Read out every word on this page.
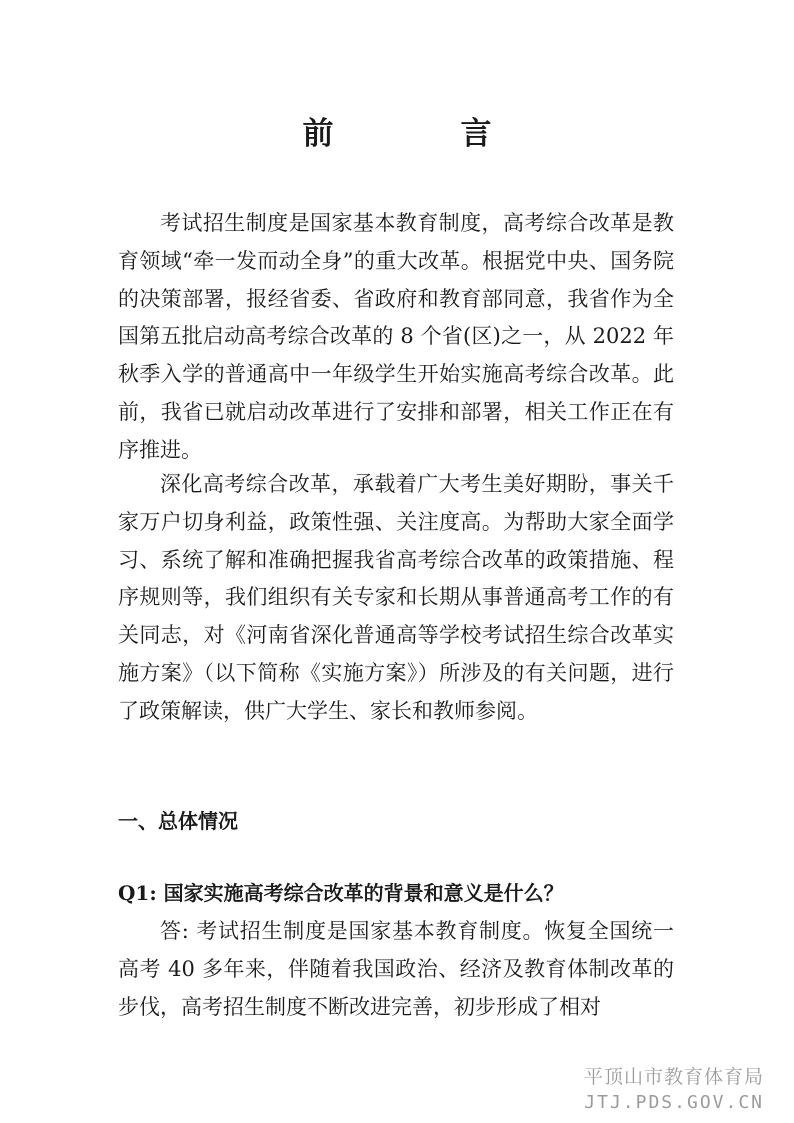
前　言

考试招生制度是国家基本教育制度，高考综合改革是教育领域“牵一发而动全身”的重大改革。根据党中央、国务院的决策部署，报经省委、省政府和教育部同意，我省作为全国第五批启动高考综合改革的 8 个省(区)之一，从 2022 年秋季入学的普通高中一年级学生开始实施高考综合改革。此前，我省已就启动改革进行了安排和部署，相关工作正在有序推进。

深化高考综合改革，承载着广大考生美好期盼，事关千家万户切身利益，政策性强、关注度高。为帮助大家全面学习、系统了解和准确把握我省高考综合改革的政策措施、程序规则等，我们组织有关专家和长期从事普通高考工作的有关同志，对《河南省深化普通高等学校考试招生综合改革实施方案》（以下简称《实施方案》）所涉及的有关问题，进行了政策解读，供广大学生、家长和教师参阅。

一、总体情况
Q1: 国家实施高考综合改革的背景和意义是什么？

答: 考试招生制度是国家基本教育制度。恢复全国统一高考 40 多年来，伴随着我国政治、经济及教育体制改革的步伐，高考招生制度不断改进完善，初步形成了相对

平顶山市教育体育局
JTJ.PDS.GOV.CN
